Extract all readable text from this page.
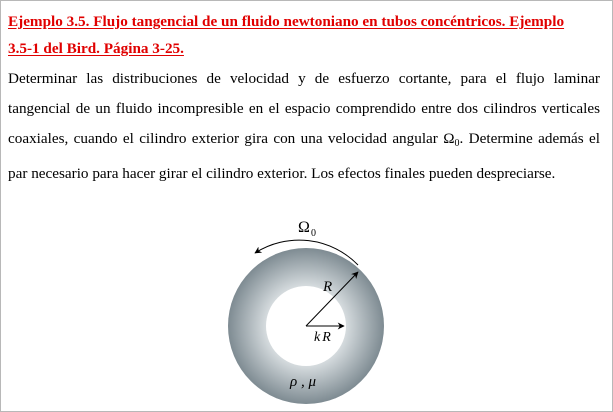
Ejemplo 3.5. Flujo tangencial de un fluido newtoniano en tubos concéntricos. Ejemplo
3.5-1 del Bird. Página 3-25.
Determinar las distribuciones de velocidad y de esfuerzo cortante, para el flujo laminar tangencial de un fluido incompresible en el espacio comprendido entre dos cilindros verticales coaxiales, cuando el cilindro exterior gira con una velocidad angular $\Omega_0$. Determine además el par necesario para hacer girar el cilindro exterior. Los efectos finales pueden despreciarse.
Ω 0
R
kR
ρ , μ
